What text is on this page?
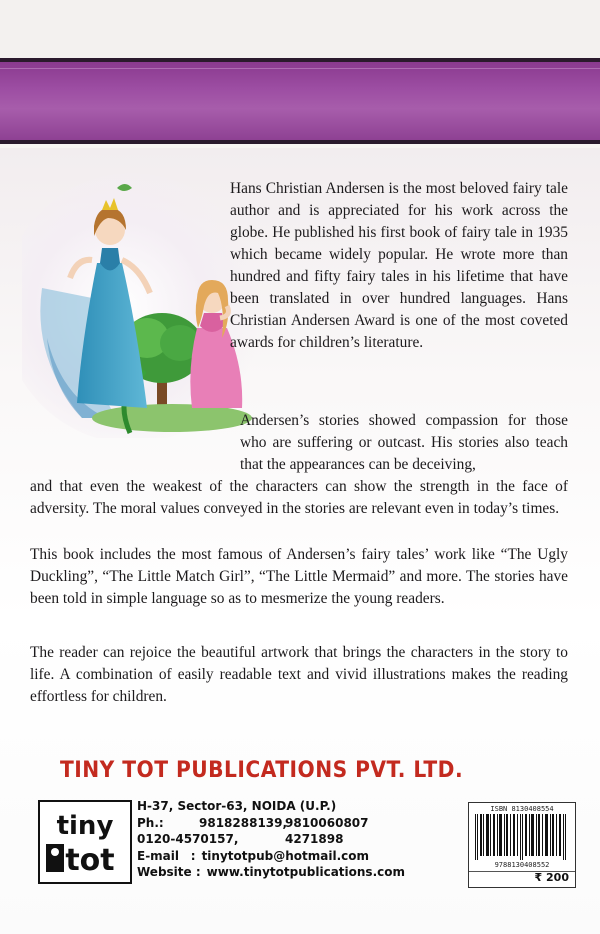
Hans Christian Andersen is the most beloved fairy tale author and is appreciated for his work across the globe. He published his first book of fairy tale in 1935 which became widely popular. He wrote more than hundred and fifty fairy tales in his lifetime that have been translated in over hundred languages. Hans Christian Andersen Award is one of the most coveted awards for children’s literature.

Andersen’s stories showed compassion for those who are suffering or outcast. His stories also teach that the appearances can be deceiving,

and that even the weakest of the characters can show the strength in the face of adversity. The moral values conveyed in the stories are relevant even in today’s times.

This book includes the most famous of Andersen’s fairy tales’ work like “The Ugly Duckling”, “The Little Match Girl”, “The Little Mermaid” and more. The stories have been told in simple language so as to mesmerize the young readers.

The reader can rejoice the beautiful artwork that brings the characters in the story to life. A combination of easily readable text and vivid illustrations makes the reading effortless for children.

TINY TOT PUBLICATIONS PVT. LTD.
tiny
tot
H-37, Sector-63, NOIDA (U.P.)
Ph.:	9818288139,
9810060807
0120-4570157,	4271898
E-mail : tinytotpub@hotmail.com
Website : www.tinytotpublications.com
ISBN 8130408554
9788130408552
₹ 200
